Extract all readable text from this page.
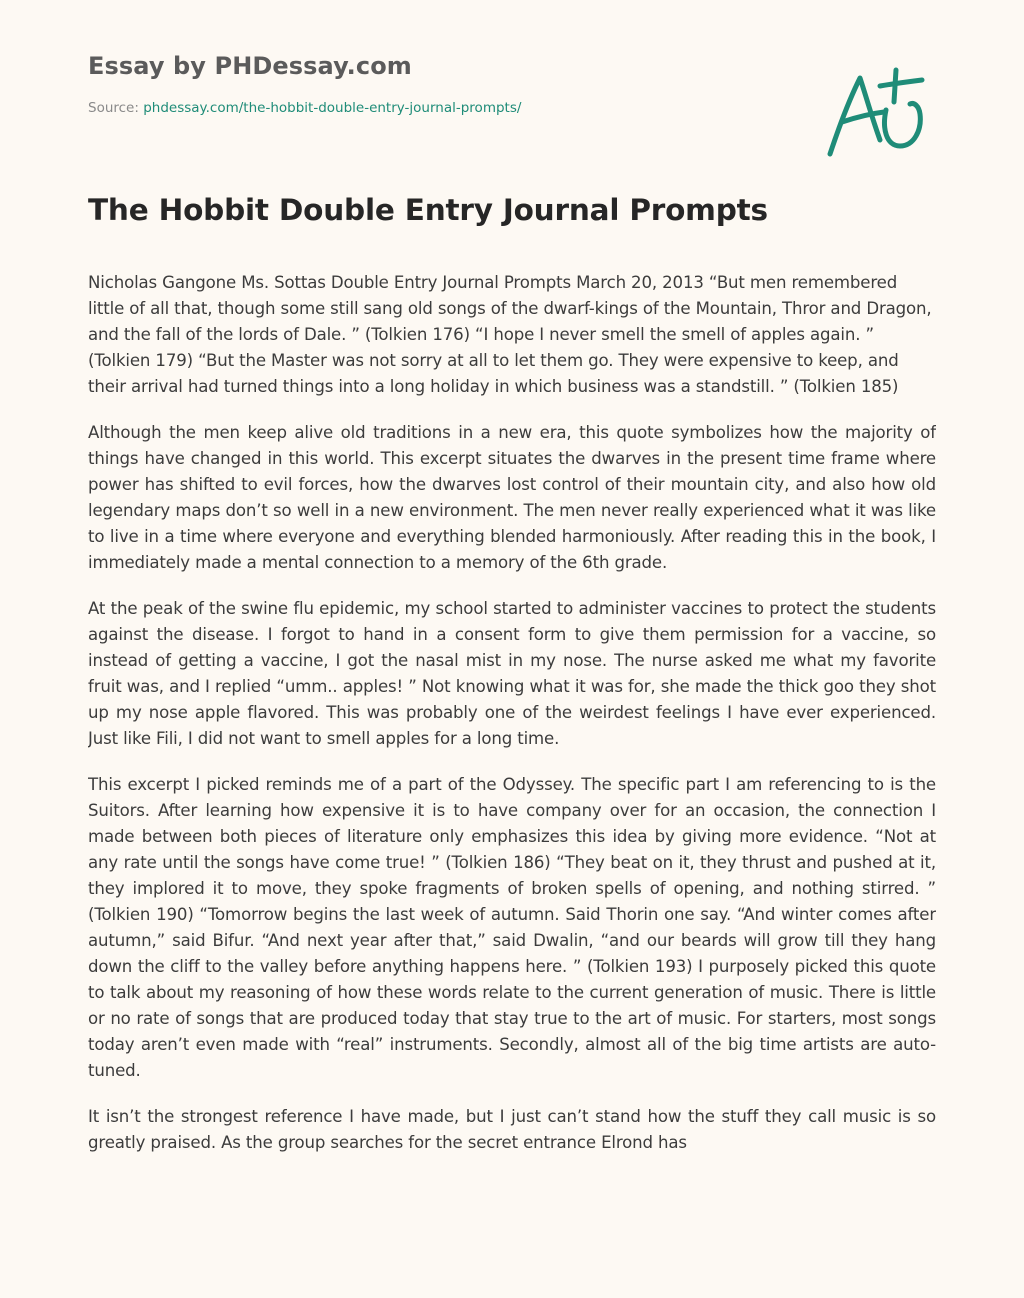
Essay by PHDessay.com
Source: phdessay.com/the-hobbit-double-entry-journal-prompts/
The Hobbit Double Entry Journal Prompts

Nicholas Gangone Ms. Sottas Double Entry Journal Prompts March 20, 2013 “But men remembered little of all that, though some still sang old songs of the dwarf-kings of the Mountain, Thror and Dragon, and the fall of the lords of Dale. ” (Tolkien 176) “I hope I never smell the smell of apples again. ” (Tolkien 179) “But the Master was not sorry at all to let them go. They were expensive to keep, and their arrival had turned things into a long holiday in which business was a standstill. ” (Tolkien 185)

Although the men keep alive old traditions in a new era, this quote symbolizes how the majority of things have changed in this world. This excerpt situates the dwarves in the present time frame where power has shifted to evil forces, how the dwarves lost control of their mountain city, and also how old legendary maps don’t so well in a new environment. The men never really experienced what it was like to live in a time where everyone and everything blended harmoniously. After reading this in the book, I immediately made a mental connection to a memory of the 6th grade.

At the peak of the swine flu epidemic, my school started to administer vaccines to protect the students against the disease. I forgot to hand in a consent form to give them permission for a vaccine, so instead of getting a vaccine, I got the nasal mist in my nose. The nurse asked me what my favorite fruit was, and I replied “umm.. apples! ” Not knowing what it was for, she made the thick goo they shot up my nose apple flavored. This was probably one of the weirdest feelings I have ever experienced. Just like Fili, I did not want to smell apples for a long time.

This excerpt I picked reminds me of a part of the Odyssey. The specific part I am referencing to is the Suitors. After learning how expensive it is to have company over for an occasion, the connection I made between both pieces of literature only emphasizes this idea by giving more evidence. “Not at any rate until the songs have come true! ” (Tolkien 186) “They beat on it, they thrust and pushed at it, they implored it to move, they spoke fragments of broken spells of opening, and nothing stirred. ” (Tolkien 190) “Tomorrow begins the last week of autumn. Said Thorin one say. “And winter comes after autumn,” said Bifur. “And next year after that,” said Dwalin, “and our beards will grow till they hang down the cliff to the valley before anything happens here. ” (Tolkien 193) I purposely picked this quote to talk about my reasoning of how these words relate to the current generation of music. There is little or no rate of songs that are produced today that stay true to the art of music. For starters, most songs today aren’t even made with “real” instruments. Secondly, almost all of the big time artists are auto-tuned.

It isn’t the strongest reference I have made, but I just can’t stand how the stuff they call music is so greatly praised. As the group searches for the secret entrance Elrond has
